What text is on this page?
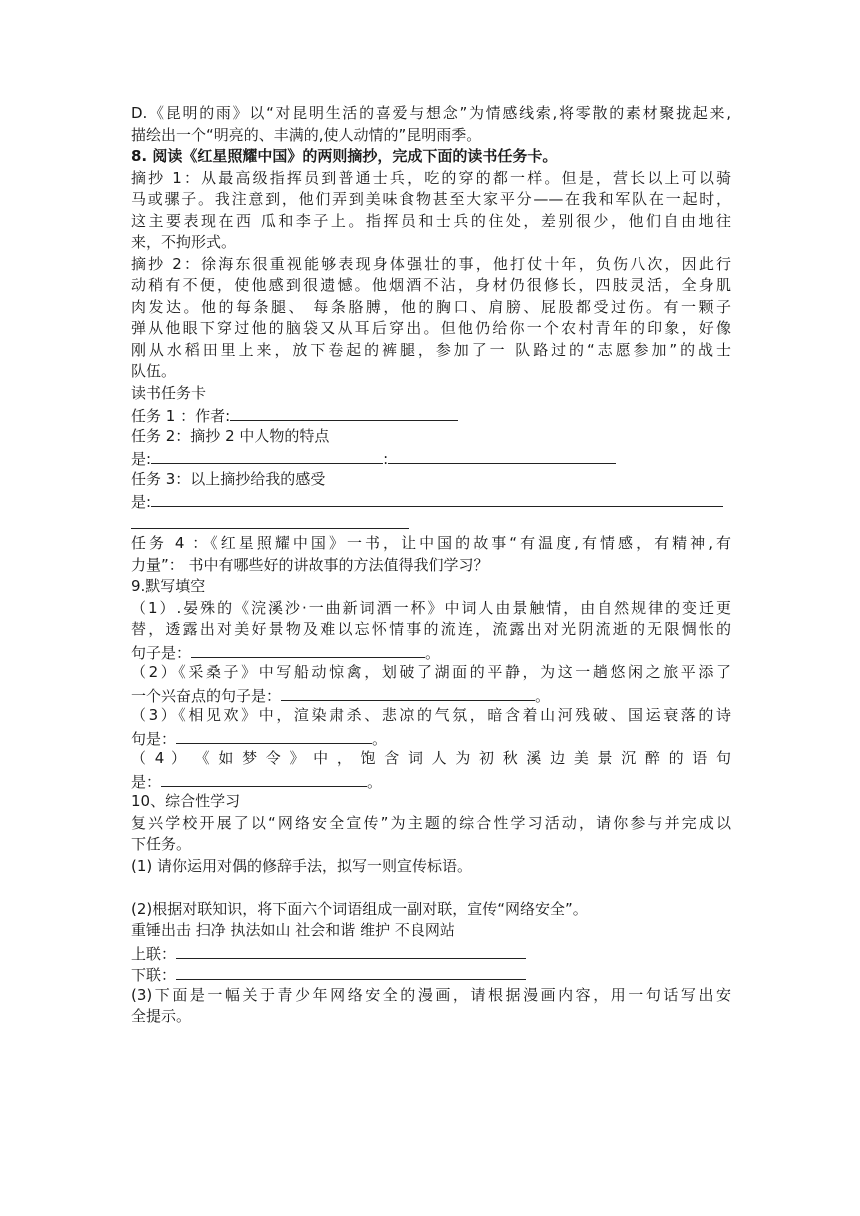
D.《昆明的雨》以“对昆明生活的喜爱与想念”为情感线索,将零散的素材聚拢起来,
描绘出一个“明亮的、丰满的,使人动情的”昆明雨季。
8. 阅读《红星照耀中国》的两则摘抄，完成下面的读书任务卡。
摘抄 1：从最高级指挥员到普通士兵，吃的穿的都一样。但是，营长以上可以骑
马或骡子。我注意到，他们弄到美味食物甚至大家平分——在我和军队在一起时，
这主要表现在西 瓜和李子上。指挥员和士兵的住处，差别很少，他们自由地往
来，不拘形式。
摘抄 2：徐海东很重视能够表现身体强壮的事，他打仗十年，负伤八次，因此行
动稍有不便，使他感到很遗憾。他烟酒不沾，身材仍很修长，四肢灵活，全身肌
肉发达。他的每条腿、 每条胳膊，他的胸口、肩膀、屁股都受过伤。有一颗子
弹从他眼下穿过他的脑袋又从耳后穿出。但他仍给你一个农村青年的印象，好像
刚从水稻田里上来，放下卷起的裤腿，参加了一 队路过的“志愿参加”的战士
队伍。
读书任务卡
任务 1 ：作者:
任务 2：摘抄 2 中人物的特点
是:	:
任务 3：以上摘抄给我的感受
是:
任务 4 ：《红星照耀中国》一书，让中国的故事“有温度,有情感，有精神,有
力量”： 书中有哪些好的讲故事的方法值得我们学习？
9.默写填空
（1）.晏殊的《浣溪沙·一曲新词酒一杯》中词人由景触情，由自然规律的变迁更
替，透露出对美好景物及难以忘怀情事的流连，流露出对光阴流逝的无限惆怅的
句子是：	。
（2）《采桑子》中写船动惊禽，划破了湖面的平静，为这一趟悠闲之旅平添了
一个兴奋点的句子是：	。
（3）《相见欢》中，渲染肃杀、悲凉的气氛，暗含着山河残破、国运衰落的诗
句是：	。
（ 4 ） 《 如 梦 令 》 中 ， 饱 含 词 人 为 初 秋 溪 边 美 景 沉 醉 的 语 句
是：	。
10、综合性学习
复兴学校开展了以“网络安全宣传”为主题的综合性学习活动，请你参与并完成以
下任务。
(1) 请你运用对偶的修辞手法，拟写一则宣传标语。
(2)根据对联知识，将下面六个词语组成一副对联，宣传“网络安全”。
重锤出击 扫净 执法如山 社会和谐 维护 不良网站
上联：
下联：
(3)下面是一幅关于青少年网络安全的漫画，请根据漫画内容，用一句话写出安
全提示。
